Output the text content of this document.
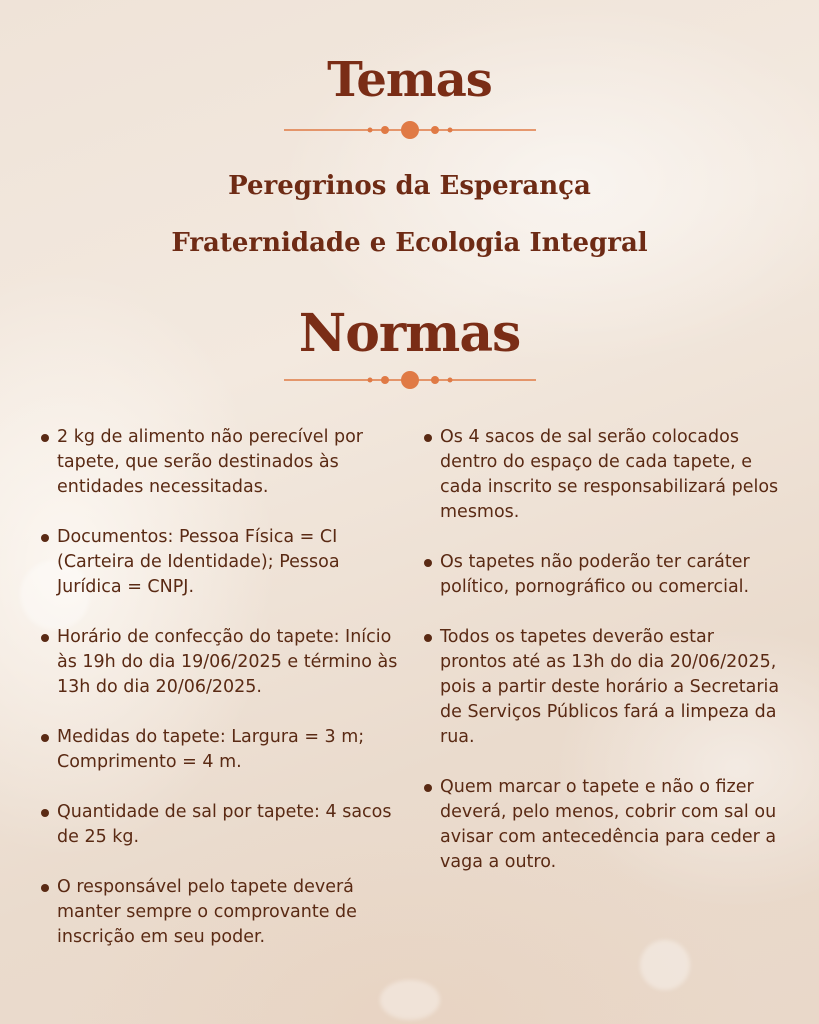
Temas
Peregrinos da Esperança
Fraternidade e Ecologia Integral
Normas
2 kg de alimento não perecível por tapete, que serão destinados às entidades necessitadas.
Documentos: Pessoa Física = CI (Carteira de Identidade); Pessoa Jurídica = CNPJ.
Horário de confecção do tapete: Início às 19h do dia 19/06/2025 e término às 13h do dia 20/06/2025.
Medidas do tapete: Largura = 3 m; Comprimento = 4 m.
Quantidade de sal por tapete: 4 sacos de 25 kg.
O responsável pelo tapete deverá manter sempre o comprovante de inscrição em seu poder.
Os 4 sacos de sal serão colocados dentro do espaço de cada tapete, e cada inscrito se responsabilizará pelos mesmos.
Os tapetes não poderão ter caráter político, pornográfico ou comercial.
Todos os tapetes deverão estar prontos até as 13h do dia 20/06/2025, pois a partir deste horário a Secretaria de Serviços Públicos fará a limpeza da rua.
Quem marcar o tapete e não o fizer deverá, pelo menos, cobrir com sal ou avisar com antecedência para ceder a vaga a outro.
